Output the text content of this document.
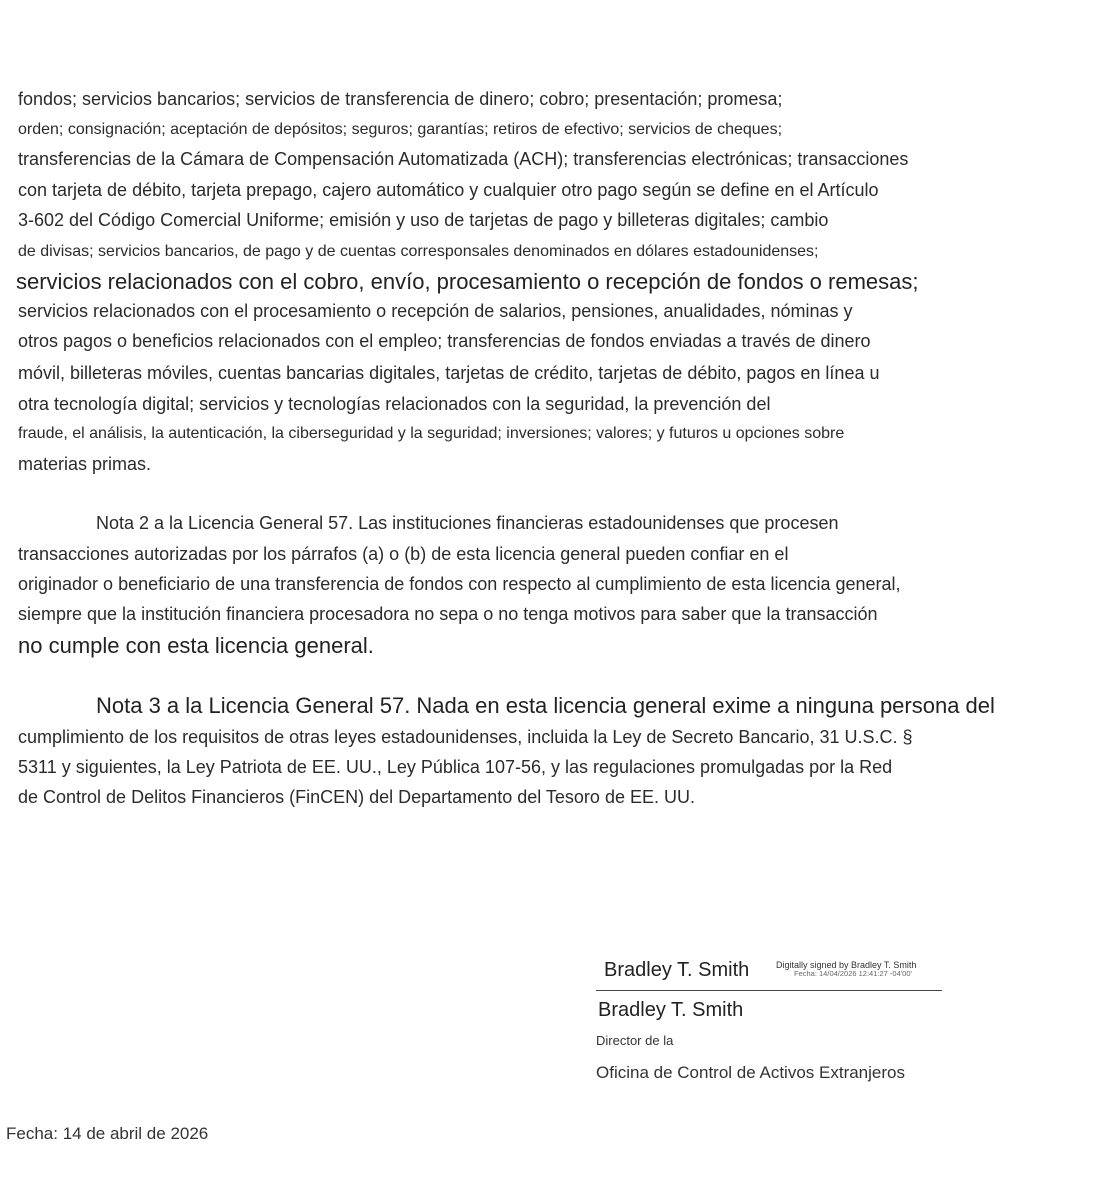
fondos; servicios bancarios; servicios de transferencia de dinero; cobro; presentación; promesa;
orden; consignación; aceptación de depósitos; seguros; garantías; retiros de efectivo; servicios de cheques;
transferencias de la Cámara de Compensación Automatizada (ACH); transferencias electrónicas; transacciones
con tarjeta de débito, tarjeta prepago, cajero automático y cualquier otro pago según se define en el Artículo
3-602 del Código Comercial Uniforme; emisión y uso de tarjetas de pago y billeteras digitales; cambio
de divisas; servicios bancarios, de pago y de cuentas corresponsales denominados en dólares estadounidenses;
servicios relacionados con el cobro, envío, procesamiento o recepción de fondos o remesas;
servicios relacionados con el procesamiento o recepción de salarios, pensiones, anualidades, nóminas y
otros pagos o beneficios relacionados con el empleo; transferencias de fondos enviadas a través de dinero
móvil, billeteras móviles, cuentas bancarias digitales, tarjetas de crédito, tarjetas de débito, pagos en línea u
otra tecnología digital; servicios y tecnologías relacionados con la seguridad, la prevención del
fraude, el análisis, la autenticación, la ciberseguridad y la seguridad; inversiones; valores; y futuros u opciones sobre
materias primas.
Nota 2 a la Licencia General 57. Las instituciones financieras estadounidenses que procesen
transacciones autorizadas por los párrafos (a) o (b) de esta licencia general pueden confiar en el
originador o beneficiario de una transferencia de fondos con respecto al cumplimiento de esta licencia general,
siempre que la institución financiera procesadora no sepa o no tenga motivos para saber que la transacción
no cumple con esta licencia general.
Nota 3 a la Licencia General 57. Nada en esta licencia general exime a ninguna persona del
cumplimiento de los requisitos de otras leyes estadounidenses, incluida la Ley de Secreto Bancario, 31 U.S.C. §
5311 y siguientes, la Ley Patriota de EE. UU., Ley Pública 107-56, y las regulaciones promulgadas por la Red
de Control de Delitos Financieros (FinCEN) del Departamento del Tesoro de EE. UU.
Bradley T. Smith	Digitally signed by Bradley T. Smith
Fecha: 14/04/2026 12:41:27 -04'00'
Bradley T. Smith
Director de la
Oficina de Control de Activos Extranjeros
Fecha: 14 de abril de 2026
